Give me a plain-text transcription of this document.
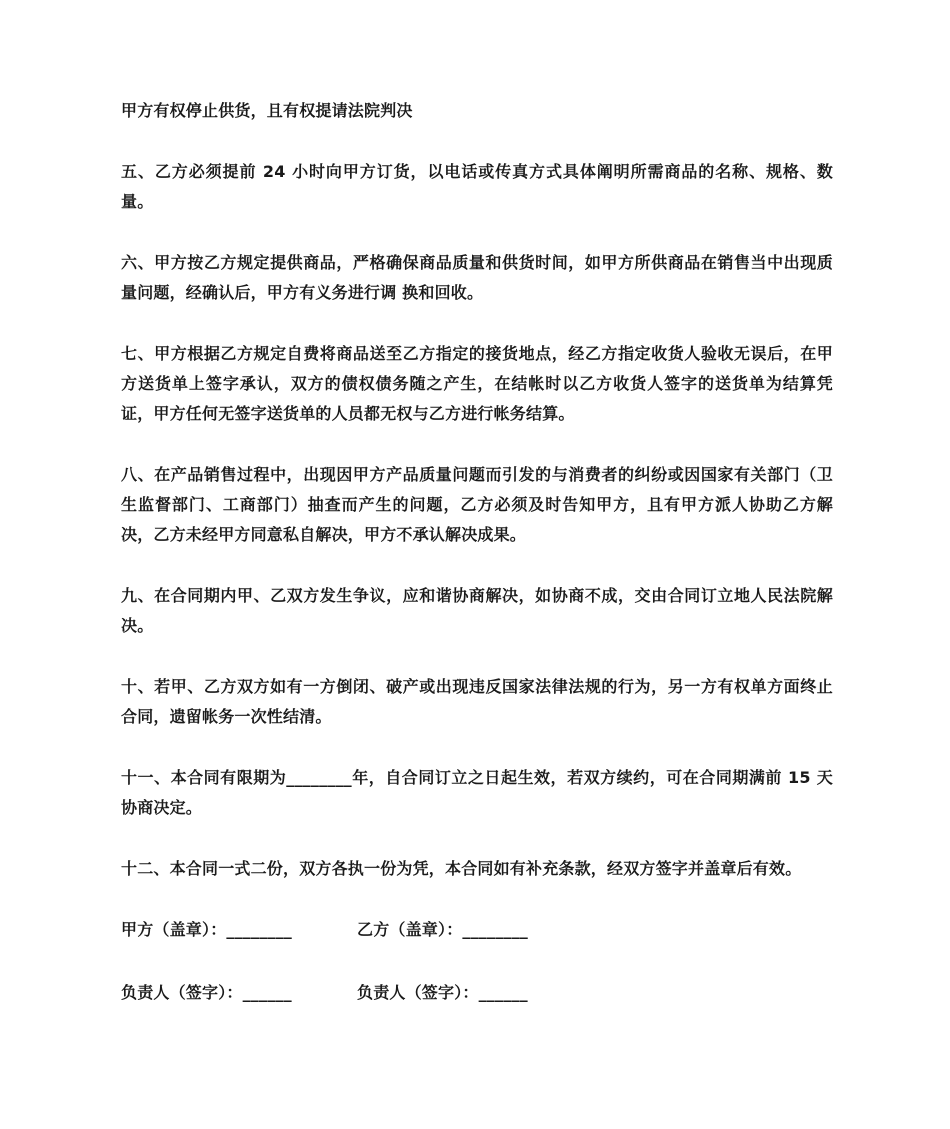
甲方有权停止供货，且有权提请法院判决

五、乙方必须提前 24 小时向甲方订货，以电话或传真方式具体阐明所需商品的名称、规格、数量。

六、甲方按乙方规定提供商品，严格确保商品质量和供货时间，如甲方所供商品在销售当中出现质量问题，经确认后，甲方有义务进行调 换和回收。

七、甲方根据乙方规定自费将商品送至乙方指定的接货地点，经乙方指定收货人验收无误后，在甲方送货单上签字承认，双方的债权债务随之产生，在结帐时以乙方收货人签字的送货单为结算凭证，甲方任何无签字送货单的人员都无权与乙方进行帐务结算。

八、在产品销售过程中，出现因甲方产品质量问题而引发的与消费者的纠纷或因国家有关部门（卫生监督部门、工商部门）抽查而产生的问题，乙方必须及时告知甲方，且有甲方派人协助乙方解决，乙方未经甲方同意私自解决，甲方不承认解决成果。

九、在合同期内甲、乙双方发生争议，应和谐协商解决，如协商不成，交由合同订立地人民法院解决。

十、若甲、乙方双方如有一方倒闭、破产或出现违反国家法律法规的行为，另一方有权单方面终止合同，遗留帐务一次性结清。

十一、本合同有限期为________年，自合同订立之日起生效，若双方续约，可在合同期满前 15 天协商决定。

十二、本合同一式二份，双方各执一份为凭，本合同如有补充条款，经双方签字并盖章后有效。

甲方（盖章）：________	乙方（盖章）：________
负责人（签字）：______	负责人（签字）：______
